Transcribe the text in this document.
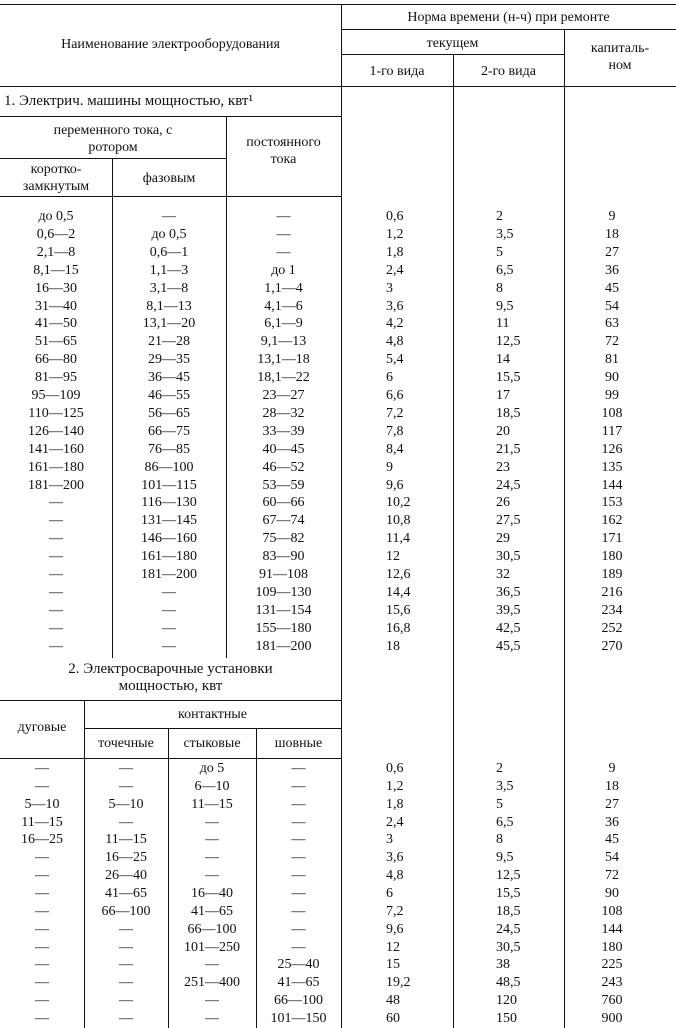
Наименование электрооборудования
Норма времени (н-ч) при ремонте
текущем
1-го вида	2-го вида
капиталь-
ном
1. Электрич. машины мощностью, квт¹
переменного тока, с
ротором
коротко-
замкнутым
фазовым
постоянного
тока
до 0,5	—	—	0,6	2	9
0,6—2	до 0,5	—	1,2	3,5	18
2,1—8	0,6—1	—	1,8	5	27
8,1—15	1,1—3	до 1	2,4	6,5	36
16—30	3,1—8	1,1—4	3	8	45
31—40	8,1—13	4,1—6	3,6	9,5	54
41—50	13,1—20	6,1—9	4,2	11	63
51—65	21—28	9,1—13	4,8	12,5	72
66—80	29—35	13,1—18	5,4	14	81
81—95	36—45	18,1—22	6	15,5	90
95—109	46—55	23—27	6,6	17	99
110—125	56—65	28—32	7,2	18,5	108
126—140	66—75	33—39	7,8	20	117
141—160	76—85	40—45	8,4	21,5	126
161—180	86—100	46—52	9	23	135
181—200	101—115	53—59	9,6	24,5	144
—	116—130	60—66	10,2	26	153
—	131—145	67—74	10,8	27,5	162
—	146—160	75—82	11,4	29	171
—	161—180	83—90	12	30,5	180
—	181—200	91—108	12,6	32	189
—	—	109—130	14,4	36,5	216
—	—	131—154	15,6	39,5	234
—	—	155—180	16,8	42,5	252
—	—	181—200	18	45,5	270
2. Электросварочные установки
мощностью, квт
дуговые
контактные
точечные	стыковые	шовные
—	—	до 5	—	0,6	2	9
—	—	6—10	—	1,2	3,5	18
5—10	5—10	11—15	—	1,8	5	27
11—15	—	—	—	2,4	6,5	36
16—25	11—15	—	—	3	8	45
—	16—25	—	—	3,6	9,5	54
—	26—40	—	—	4,8	12,5	72
—	41—65	16—40	—	6	15,5	90
—	66—100	41—65	—	7,2	18,5	108
—	—	66—100	—	9,6	24,5	144
—	—	101—250	—	12	30,5	180
—	—	—	25—40	15	38	225
—	—	251—400	41—65	19,2	48,5	243
—	—	—	66—100	48	120	760
—	—	—	101—150	60	150	900
